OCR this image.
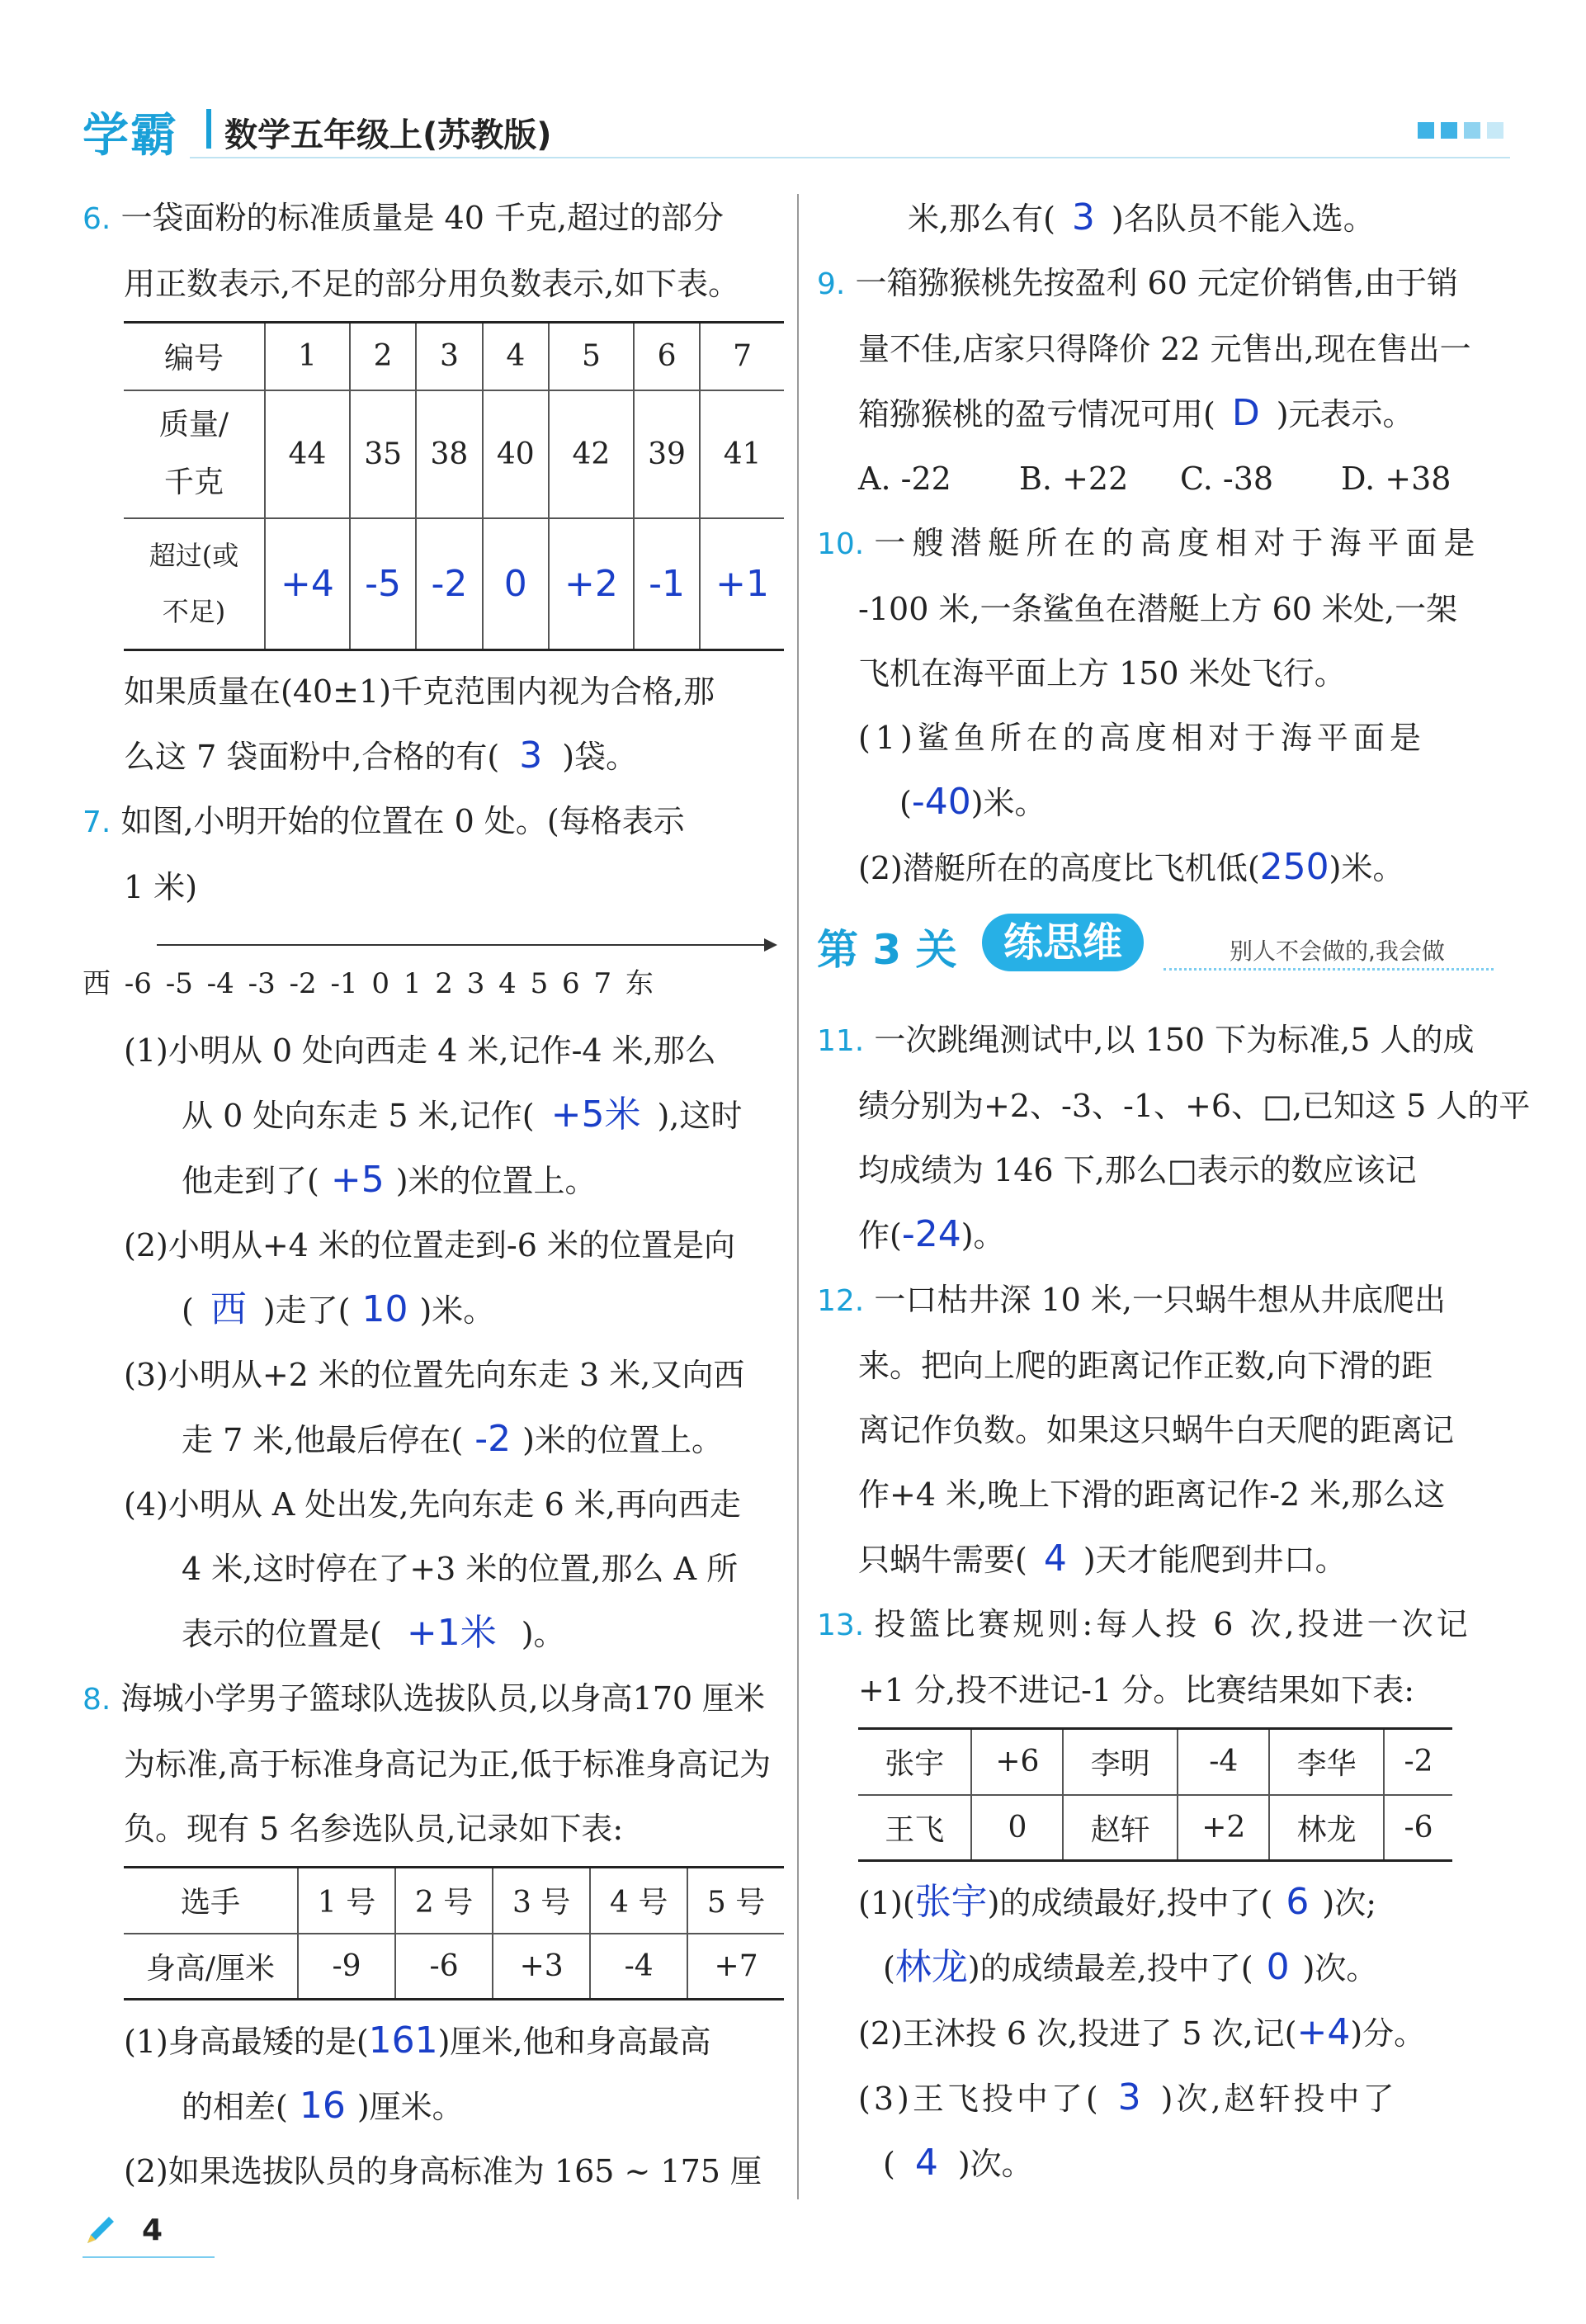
学霸 数学五年级上(苏教版)
6. 一袋面粉的标准质量是 40 千克,超过的部分
用正数表示,不足的部分用负数表示,如下表。
编号	1	2	3	4	5	6	7
质量/
千克	44	35	38	40	42	39	41
超过(或
不足)	+4	-5	-2	0	+2	-1	+1
如果质量在(40±1)千克范围内视为合格,那
么这 7 袋面粉中,合格的有( 3 )袋。
7. 如图,小明开始的位置在 0 处。(每格表示
1 米)
西 -6 -5 -4 -3 -2 -1 0 1 2 3 4 5 6 7 东
(1)小明从 0 处向西走 4 米,记作-4 米,那么
从 0 处向东走 5 米,记作( +5米 ),这时
他走到了( +5 )米的位置上。
(2)小明从+4 米的位置走到-6 米的位置是向
( 西 )走了( 10 )米。
(3)小明从+2 米的位置先向东走 3 米,又向西
走 7 米,他最后停在( -2 )米的位置上。
(4)小明从 A 处出发,先向东走 6 米,再向西走
4 米,这时停在了+3 米的位置,那么 A 所
表示的位置是( +1米 )。
8. 海城小学男子篮球队选拔队员,以身高170 厘米
为标准,高于标准身高记为正,低于标准身高记为
负。现有 5 名参选队员,记录如下表:
选手	1 号	2 号	3 号	4 号	5 号
身高/厘米	-9	-6	+3	-4	+7
(1)身高最矮的是(161)厘米,他和身高最高
的相差( 16 )厘米。
(2)如果选拔队员的身高标准为 165 ~ 175 厘
米,那么有( 3 )名队员不能入选。
9. 一箱猕猴桃先按盈利 60 元定价销售,由于销
量不佳,店家只得降价 22 元售出,现在售出一
箱猕猴桃的盈亏情况可用( D )元表示。
A. -22	B. +22	C. -38	D. +38
10. 一艘潜艇所在的高度相对于海平面是
-100 米,一条鲨鱼在潜艇上方 60 米处,一架
飞机在海平面上方 150 米处飞行。
(1)鲨鱼所在的高度相对于海平面是
(-40)米。
(2)潜艇所在的高度比飞机低(250)米。
第 3 关	练思维	别人不会做的,我会做
11. 一次跳绳测试中,以 150 下为标准,5 人的成
绩分别为+2、-3、-1、+6、□,已知这 5 人的平
均成绩为 146 下,那么□表示的数应该记
作(-24)。
12. 一口枯井深 10 米,一只蜗牛想从井底爬出
来。把向上爬的距离记作正数,向下滑的距
离记作负数。如果这只蜗牛白天爬的距离记
作+4 米,晚上下滑的距离记作-2 米,那么这
只蜗牛需要( 4 )天才能爬到井口。
13. 投篮比赛规则:每人投 6 次,投进一次记
+1 分,投不进记-1 分。比赛结果如下表:
张宇	+6	李明	-4	李华	-2
王飞	0	赵轩	+2	林龙	-6
(1)(张宇)的成绩最好,投中了( 6 )次;
(林龙)的成绩最差,投中了( 0 )次。
(2)王沐投 6 次,投进了 5 次,记(+4)分。
(3)王飞投中了( 3 )次,赵轩投中了
( 4 )次。
4
